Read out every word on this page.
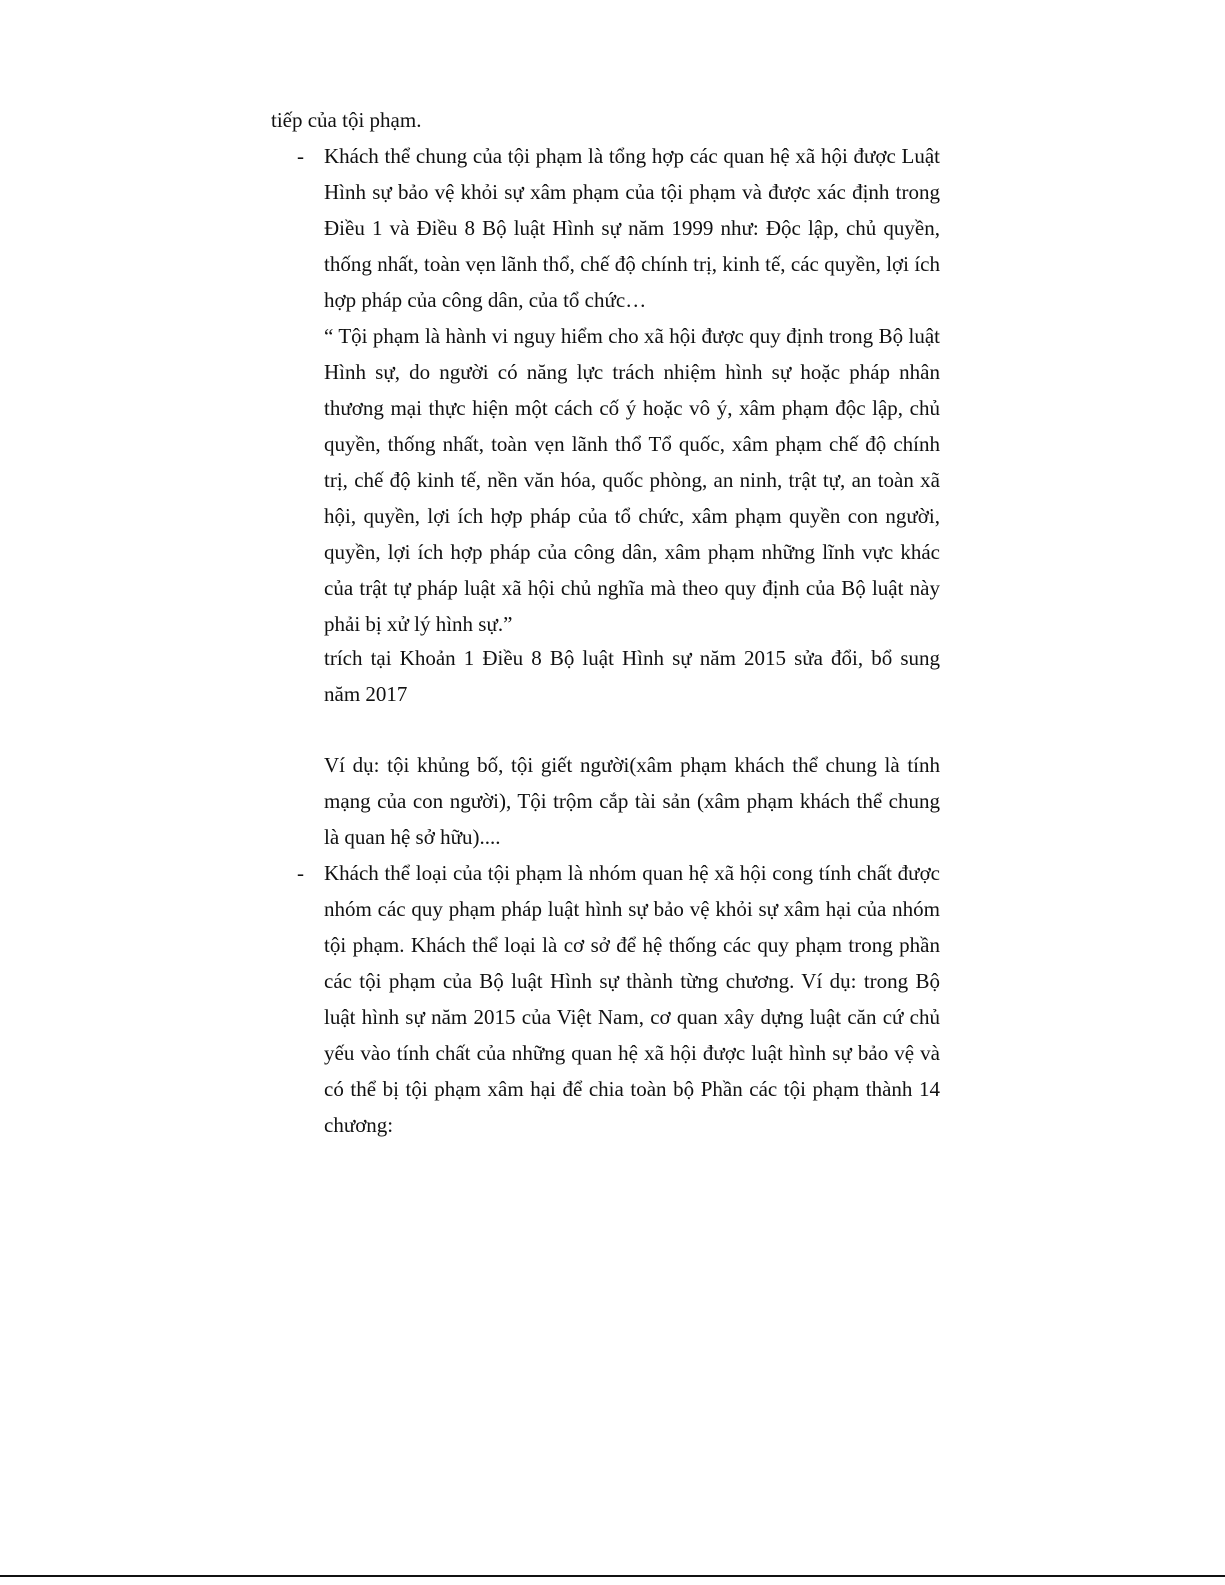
tiếp của tội phạm.
- Khách thể chung của tội phạm là tổng hợp các quan hệ xã hội được Luật
Hình sự bảo vệ khỏi sự xâm phạm của tội phạm và được xác định trong
Điều 1 và Điều 8 Bộ luật Hình sự năm 1999 như: Độc lập, chủ quyền,
thống nhất, toàn vẹn lãnh thổ, chế độ chính trị, kinh tế, các quyền, lợi ích
hợp pháp của công dân, của tổ chức…
“ Tội phạm là hành vi nguy hiểm cho xã hội được quy định trong Bộ luật
Hình sự, do người có năng lực trách nhiệm hình sự hoặc pháp nhân
thương mại thực hiện một cách cố ý hoặc vô ý, xâm phạm độc lập, chủ
quyền, thống nhất, toàn vẹn lãnh thổ Tổ quốc, xâm phạm chế độ chính
trị, chế độ kinh tế, nền văn hóa, quốc phòng, an ninh, trật tự, an toàn xã
hội, quyền, lợi ích hợp pháp của tổ chức, xâm phạm quyền con người,
quyền, lợi ích hợp pháp của công dân, xâm phạm những lĩnh vực khác
của trật tự pháp luật xã hội chủ nghĩa mà theo quy định của Bộ luật này
phải bị xử lý hình sự.”
trích tại Khoản 1 Điều 8 Bộ luật Hình sự năm 2015 sửa đổi, bổ sung
năm 2017
Ví dụ: tội khủng bố, tội giết người(xâm phạm khách thể chung là tính
mạng của con người), Tội trộm cắp tài sản (xâm phạm khách thể chung
là quan hệ sở hữu)....
- Khách thể loại của tội phạm là nhóm quan hệ xã hội cong tính chất được
nhóm các quy phạm pháp luật hình sự bảo vệ khỏi sự xâm hại của nhóm
tội phạm. Khách thể loại là cơ sở để hệ thống các quy phạm trong phần
các tội phạm của Bộ luật Hình sự thành từng chương. Ví dụ: trong Bộ
luật hình sự năm 2015 của Việt Nam, cơ quan xây dựng luật căn cứ chủ
yếu vào tính chất của những quan hệ xã hội được luật hình sự bảo vệ và
có thể bị tội phạm xâm hại để chia toàn bộ Phần các tội phạm thành 14
chương:
